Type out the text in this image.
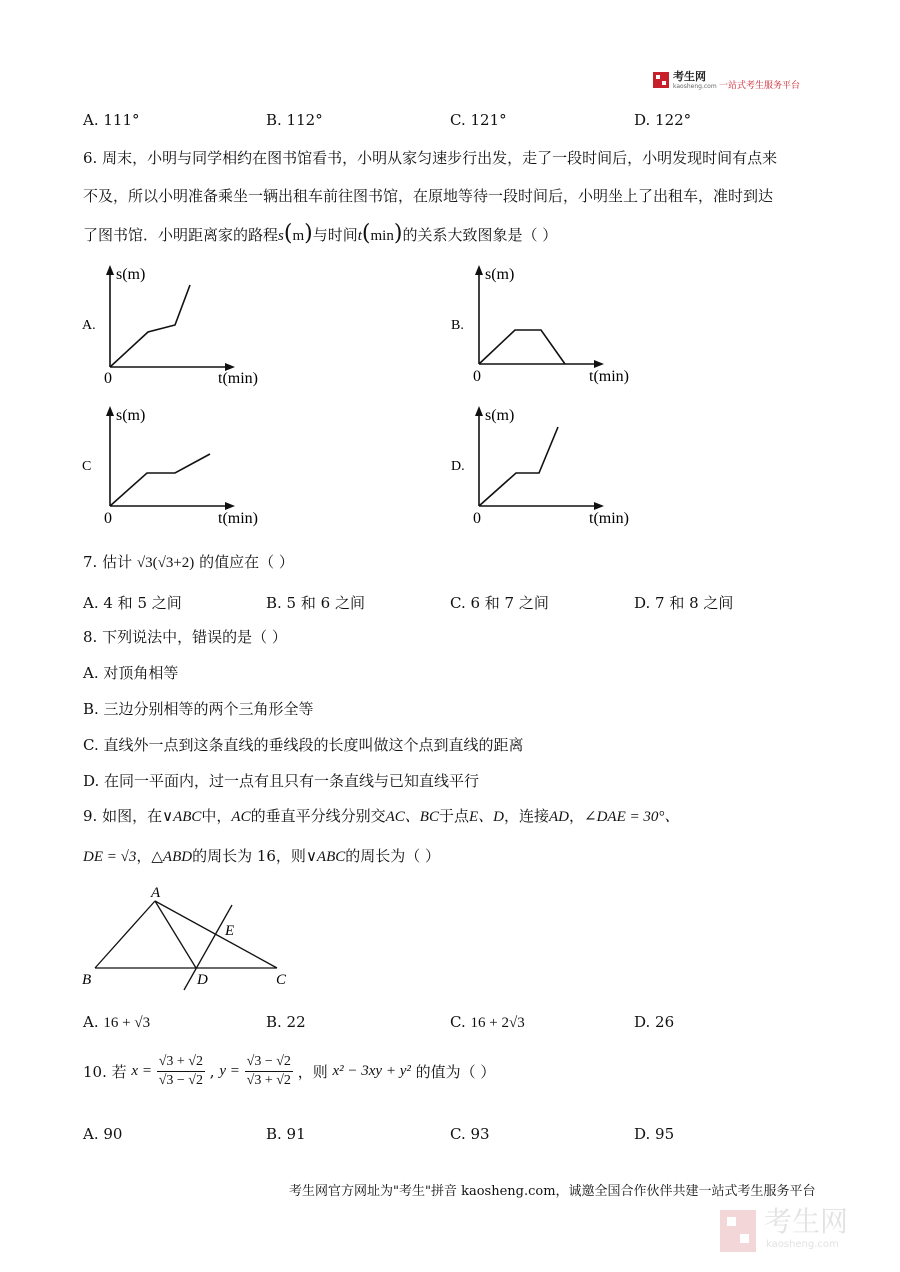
考生网
kaosheng.com 一站式考生服务平台
A. 111°	B. 112°	C. 121°	D. 122°
6. 周末，小明与同学相约在图书馆看书，小明从家匀速步行出发，走了一段时间后，小明发现时间有点来
不及，所以小明准备乘坐一辆出租车前往图书馆，在原地等待一段时间后，小明坐上了出租车，准时到达
了图书馆．小明距离家的路程s(m)与时间t(min)的关系大致图象是（ ）
A.
s(m)
t(min)
0
B.
s(m)
t(min)
0
C
s(m)
t(min)
0
D.
s(m)
t(min)
0
7. 估计 √3(√3+2) 的值应在（ ）
A. 4 和 5 之间	B. 5 和 6 之间	C. 6 和 7 之间	D. 7 和 8 之间
8. 下列说法中，错误的是（ ）
A. 对顶角相等
B. 三边分别相等的两个三角形全等
C. 直线外一点到这条直线的垂线段的长度叫做这个点到直线的距离
D. 在同一平面内，过一点有且只有一条直线与已知直线平行
9. 如图，在∨ABC中，AC的垂直平分线分别交AC、BC于点E、D，连接AD，∠DAE = 30°、
DE = √3，△ABD的周长为 16，则∨ABC的周长为（ ）
A
B	C
D
E
A. 16 + √3	B. 22	C. 16 + 2√3	D. 26
10. 若 $x = \frac{√3 + √2}{√3 - √2}$ , $y = \frac{√3 - √2}{√3 + √2}$ ，则 x² − 3xy + y² 的值为（ ）
A. 90	B. 91	C. 93	D. 95
考生网官方网址为"考生"拼音 kaosheng.com，诚邀全国合作伙伴共建一站式考生服务平台
考生网
kaosheng.com
